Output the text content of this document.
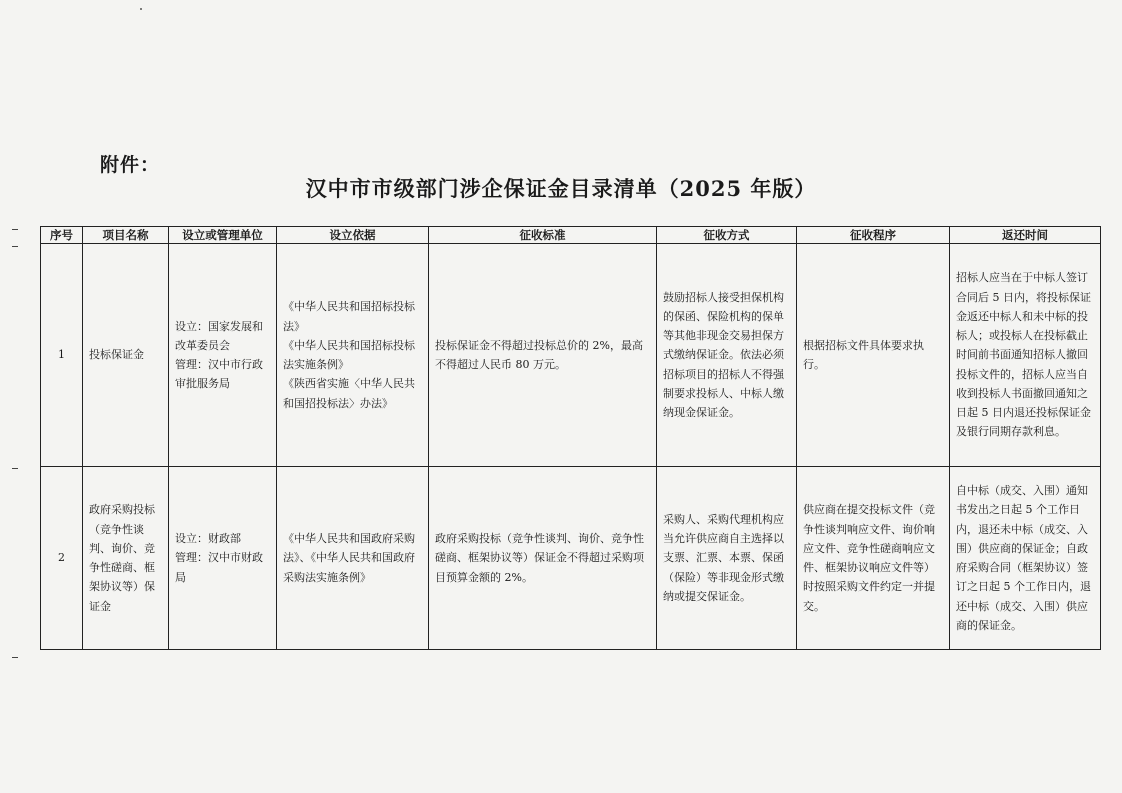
附件：
汉中市市级部门涉企保证金目录清单（2025 年版）
序号	项目名称	设立或管理单位	设立依据	征收标准	征收方式	征收程序	返还时间
1	投标保证金	设立：国家发展和改革委员会
管理：汉中市行政审批服务局	《中华人民共和国招标投标法》
《中华人民共和国招标投标法实施条例》
《陕西省实施〈中华人民共和国招投标法〉办法》	投标保证金不得超过投标总价的 2%，最高不得超过人民币 80 万元。	鼓励招标人接受担保机构的保函、保险机构的保单等其他非现金交易担保方式缴纳保证金。依法必须招标项目的招标人不得强制要求投标人、中标人缴纳现金保证金。	根据招标文件具体要求执行。	招标人应当在于中标人签订合同后 5 日内，将投标保证金返还中标人和未中标的投标人；或投标人在投标截止时间前书面通知招标人撤回投标文件的，招标人应当自收到投标人书面撤回通知之日起 5 日内退还投标保证金及银行同期存款利息。
2	政府采购投标（竞争性谈判、询价、竞争性磋商、框架协议等）保证金	设立：财政部
管理：汉中市财政局	《中华人民共和国政府采购法》、《中华人民共和国政府采购法实施条例》	政府采购投标（竞争性谈判、询价、竞争性磋商、框架协议等）保证金不得超过采购项目预算金额的 2%。	采购人、采购代理机构应当允许供应商自主选择以支票、汇票、本票、保函（保险）等非现金形式缴纳或提交保证金。	供应商在提交投标文件（竞争性谈判响应文件、询价响应文件、竞争性磋商响应文件、框架协议响应文件等）时按照采购文件约定一并提交。	自中标（成交、入围）通知书发出之日起 5 个工作日内，退还未中标（成交、入围）供应商的保证金；自政府采购合同（框架协议）签订之日起 5 个工作日内，退还中标（成交、入围）供应商的保证金。
